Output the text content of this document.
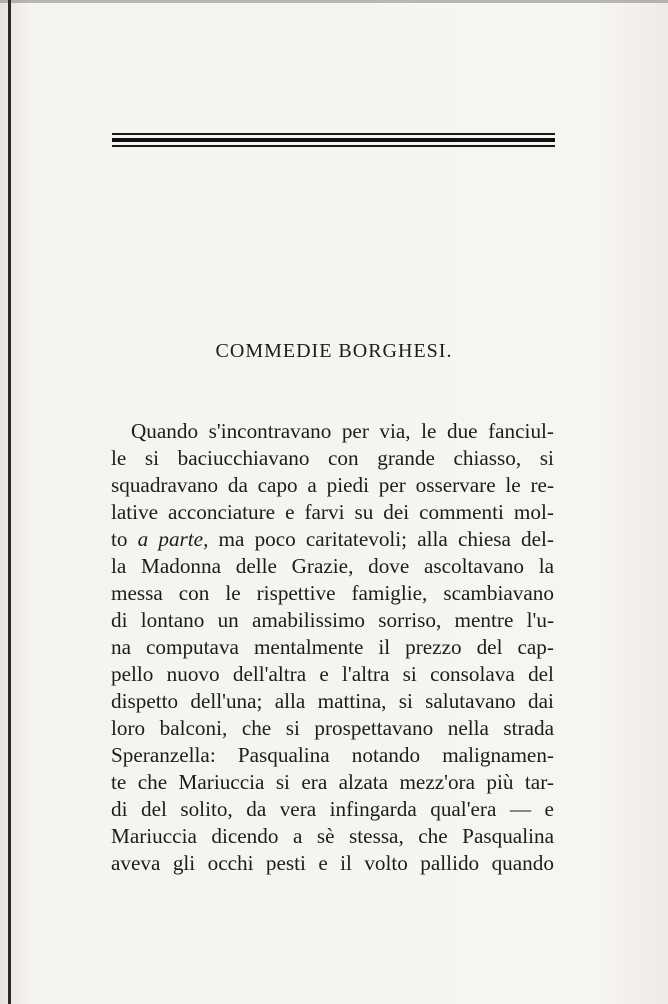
COMMEDIE BORGHESI.
Quando s'incontravano per via, le due fanciul-
le si baciucchiavano con grande chiasso, si
squadravano da capo a piedi per osservare le re-
lative acconciature e farvi su dei commenti mol-
to a parte, ma poco caritatevoli; alla chiesa del-
la Madonna delle Grazie, dove ascoltavano la
messa con le rispettive famiglie, scambiavano
di lontano un amabilissimo sorriso, mentre l'u-
na computava mentalmente il prezzo del cap-
pello nuovo dell'altra e l'altra si consolava del
dispetto dell'una; alla mattina, si salutavano dai
loro balconi, che si prospettavano nella strada
Speranzella: Pasqualina notando malignamen-
te che Mariuccia si era alzata mezz'ora più tar-
di del solito, da vera infingarda qual'era — e
Mariuccia dicendo a sè stessa, che Pasqualina
aveva gli occhi pesti e il volto pallido quando
